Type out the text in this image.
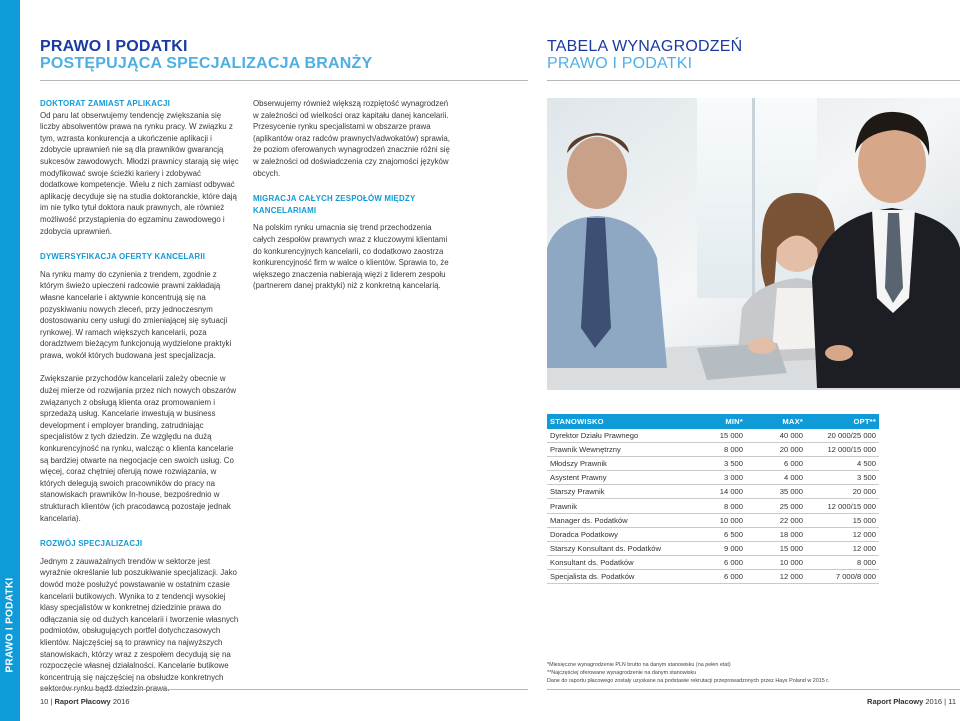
PRAWO I PODATKI
PRAWO I PODATKI
POSTĘPUJĄCA SPECJALIZACJA BRANŻY
TABELA WYNAGRODZEŃ
PRAWO I PODATKI
DOKTORAT ZAMIAST APLIKACJI

Od paru lat obserwujemy tendencję zwiększania się liczby absolwentów prawa na rynku pracy. W związku z tym, wzrasta konkurencja a ukończenie aplikacji i zdobycie uprawnień nie są dla prawników gwarancją sukcesów zawodowych. Młodzi prawnicy starają się więc modyfikować swoje ścieżki kariery i zdobywać dodatkowe kompetencje. Wielu z nich zamiast odbywać aplikację decyduje się na studia doktoranckie, które dają im nie tylko tytuł doktora nauk prawnych, ale również możliwość przystąpienia do egzaminu zawodowego i zdobycia uprawnień.

DYWERSYFIKACJA OFERTY KANCELARII

Na rynku mamy do czynienia z trendem, zgodnie z którym świeżo upieczeni radcowie prawni zakładają własne kancelarie i aktywnie koncentrują się na pozyskiwaniu nowych zleceń, przy jednoczesnym dostosowaniu ceny usługi do zmieniającej się sytuacji rynkowej. W ramach większych kancelarii, poza doradztwem bieżącym funkcjonują wydzielone praktyki prawa, wokół których budowana jest specjalizacja.

Zwiększanie przychodów kancelarii zależy obecnie w dużej mierze od rozwijania przez nich nowych obszarów związanych z obsługą klienta oraz promowaniem i sprzedażą usług. Kancelarie inwestują w business development i employer branding, zatrudniając specjalistów z tych dziedzin. Ze względu na dużą konkurencyjność na rynku, walcząc o klienta kancelarie są bardziej otwarte na negocjacje cen swoich usług. Co więcej, coraz chętniej oferują nowe rozwiązania, w których delegują swoich pracowników do pracy na stanowiskach prawników In-house, bezpośrednio w strukturach klientów (ich pracodawcą pozostaje jednak kancelaria).

ROZWÓJ SPECJALIZACJI

Jednym z zauważalnych trendów w sektorze jest wyraźnie określanie lub poszukiwanie specjalizacji. Jako dowód może posłużyć powstawanie w ostatnim czasie kancelarii butikowych. Wynika to z tendencji wysokiej klasy specjalistów w konkretnej dziedzinie prawa do odłączania się od dużych kancelarii i tworzenie własnych podmiotów, obsługujących portfel dotychczasowych klientów. Najczęściej są to prawnicy na najwyższych stanowiskach, którzy wraz z zespołem decydują się na rozpoczęcie własnej działalności. Kancelarie butikowe koncentrują się najczęściej na obsłudze konkretnych

Obserwujemy również większą rozpiętość wynagrodzeń w zależności od wielkości oraz kapitału danej kancelarii. Przesycenie rynku specjalistami w obszarze prawa (aplikantów oraz radców prawnych/adwokatów) sprawia, że poziom oferowanych wynagrodzeń znacznie różni się w zależności od doświadczenia czy znajomości języków obcych.

MIGRACJA CAŁYCH ZESPOŁÓW MIĘDZY KANCELARIAMI

Na polskim rynku umacnia się trend przechodzenia całych zespołów prawnych wraz z kluczowymi klientami do konkurencyjnych kancelarii, co dodatkowo zaostrza konkurencyjność firm w walce o klientów. Sprawia to, że większego znaczenia nabierają więzi z liderem zespołu (partnerem danej praktyki) niż z konkretną kancelarią.

STANOWISKO	MIN*	MAX*	OPT**
Dyrektor Działu Prawnego	15 000	40 000	20 000/25 000
Prawnik Wewnętrzny	8 000	20 000	12 000/15 000
Młodszy Prawnik	3 500	6 000	4 500
Asystent Prawny	3 000	4 000	3 500
Starszy Prawnik	14 000	35 000	20 000
Prawnik	8 000	25 000	12 000/15 000
Manager ds. Podatków	10 000	22 000	15 000
Doradca Podatkowy	6 500	18 000	12 000
Starszy Konsultant ds. Podatków	9 000	15 000	12 000
Konsultant ds. Podatków	6 000	10 000	8 000
Specjalista ds. Podatków	6 000	12 000	7 000/8 000
*Miesięczne wynagrodzenie PLN brutto na danym stanowisku (na pełen etat)
**Najczęściej oferowane wynagrodzenie na danym stanowisku
Dane do raportu płacowego zostały uzyskane na podstawie rekrutacji przeprowadzonych przez Hays Poland w 2015 r.
10 | Raport Płacowy 2016	Raport Płacowy 2016 | 11
